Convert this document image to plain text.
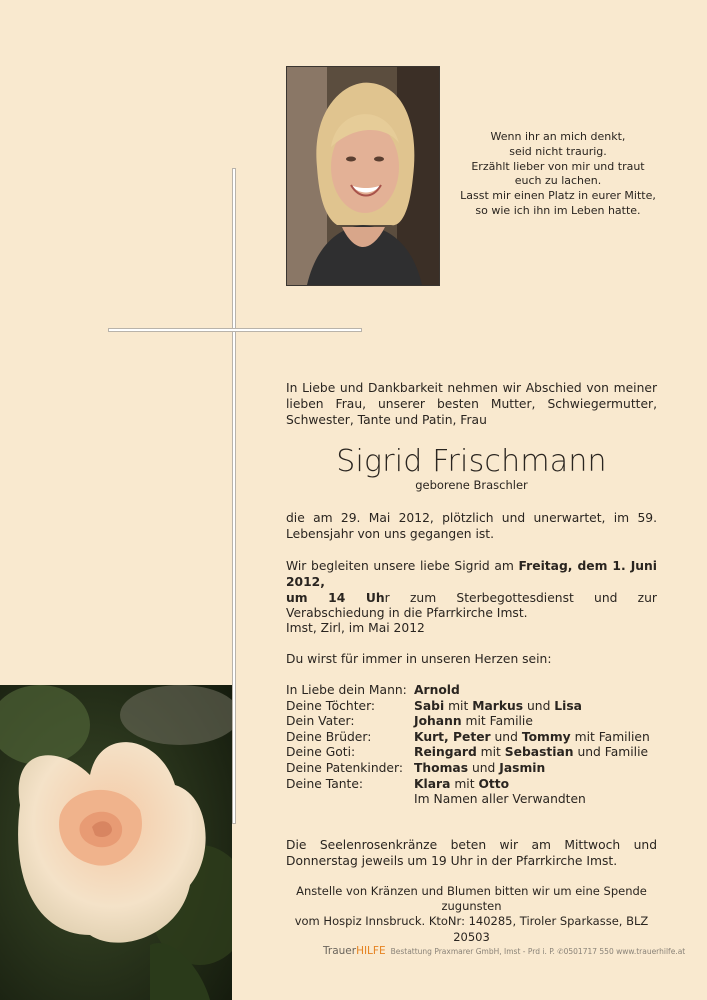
Wenn ihr an mich denkt,
seid nicht traurig.
Erzählt lieber von mir und traut
euch zu lachen.
Lasst mir einen Platz in eurer Mitte,
so wie ich ihn im Leben hatte.
In Liebe und Dankbarkeit nehmen wir Abschied von meiner lieben Frau, unserer besten Mutter, Schwiegermutter, Schwester, Tante und Patin, Frau
Sigrid Frischmann
geborene Braschler
die am 29. Mai 2012, plötzlich und unerwartet, im 59. Lebensjahr von uns gegangen ist.
Wir begleiten unsere liebe Sigrid am Freitag, dem 1. Juni 2012,
um 14 Uhr zum Sterbegottesdienst und zur Verabschiedung in die Pfarrkirche Imst.
Imst, Zirl, im Mai 2012
Du wirst für immer in unseren Herzen sein:
In Liebe dein Mann: Arnold
Deine Töchter:	Sabi mit Markus und Lisa
Dein Vater:	Johann mit Familie
Deine Brüder:	Kurt, Peter und Tommy mit Familien
Deine Goti:	Reingard mit Sebastian und Familie
Deine Patenkinder: Thomas und Jasmin
Deine Tante:	Klara mit Otto
Im Namen aller Verwandten
Die Seelenrosenkränze beten wir am Mittwoch und Donnerstag jeweils um 19 Uhr in der Pfarrkirche Imst.
Anstelle von Kränzen und Blumen bitten wir um eine Spende zugunsten
vom Hospiz Innsbruck. KtoNr: 140285, Tiroler Sparkasse, BLZ 20503
TrauerHILFE Bestattung Praxmarer GmbH, Imst - Prd i. P. ✆0501717 550 www.trauerhilfe.at
